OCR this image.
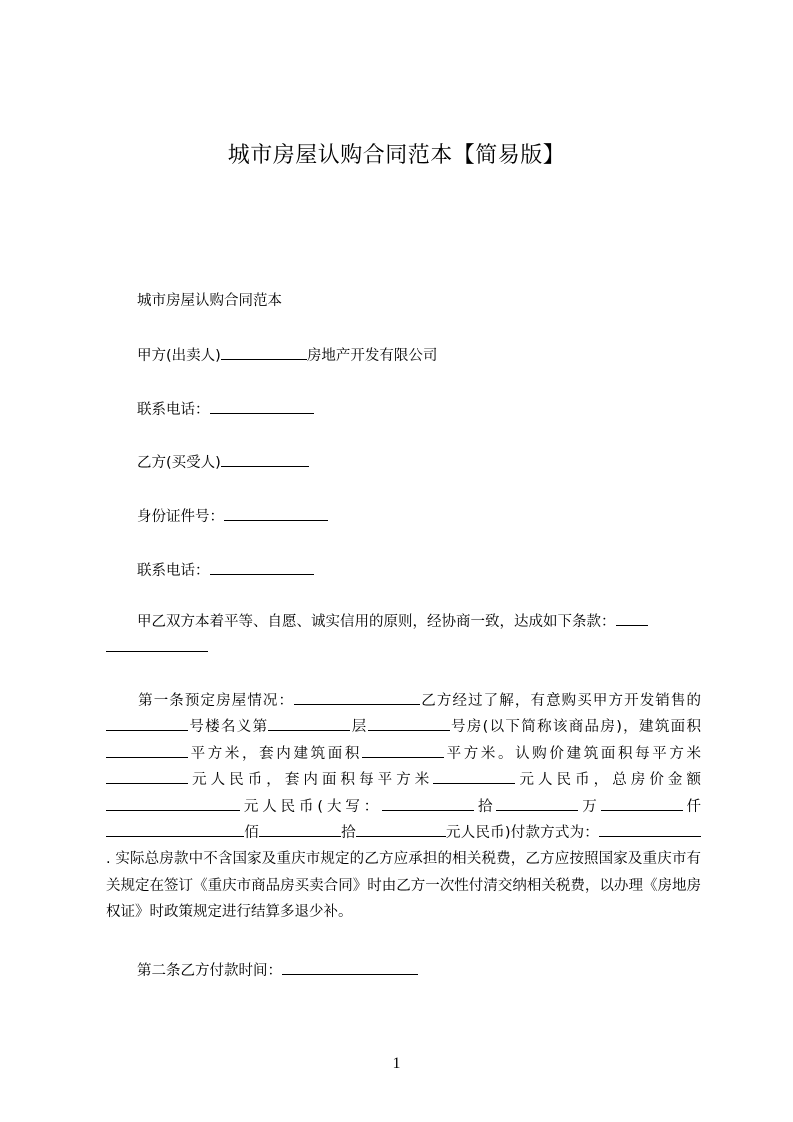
城市房屋认购合同范本【简易版】
城市房屋认购合同范本
甲方(出卖人)	房地产开发有限公司
联系电话：
乙方(买受人)
身份证件号：
联系电话：
甲乙双方本着平等、自愿、诚实信用的原则，经协商一致，达成如下条款：

第一条预定房屋情况：	乙方经过了解，有意购买甲方开发销售的号楼名义第	层	号房(以下简称该商品房)，建筑面积平方米，套内建筑面积	平方米。认购价建筑面积每平方米元人民币，套内面积每平方米	元人民币，总房价金额元人民币(大写：	拾	万	仟佰	拾	元人民币)付款方式为：. 实际总房款中不含国家及重庆市规定的乙方应承担的相关税费，乙方应按照国家及重庆市有关规定在签订《重庆市商品房买卖合同》时由乙方一次性付清交纳相关税费，以办理《房地房权证》时政策规定进行结算多退少补。
第二条乙方付款时间：
1
